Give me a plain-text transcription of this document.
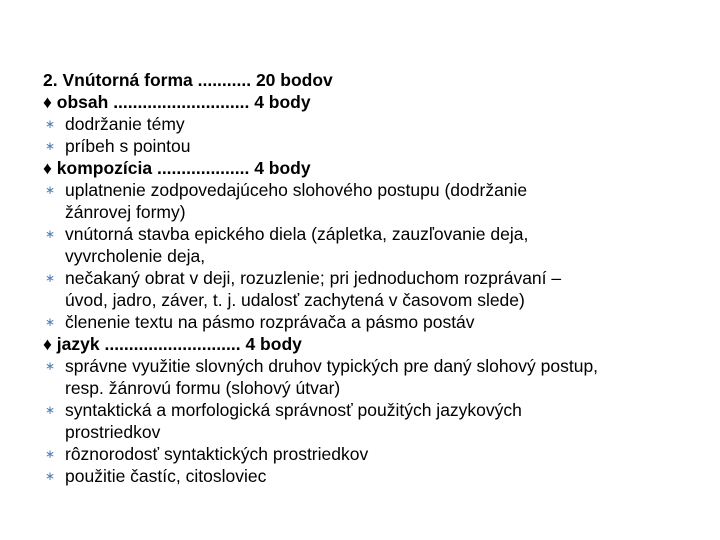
2. Vnútorná forma ........... 20 bodov
♦ obsah ............................ 4 body
∗ dodržanie témy
∗ príbeh s pointou
♦ kompozícia ................... 4 body
∗ uplatnenie zodpovedajúceho slohového postupu (dodržanie
žánrovej formy)
∗ vnútorná stavba epického diela (zápletka, zauzľovanie deja,
vyvrcholenie deja,
∗ nečakaný obrat v deji, rozuzlenie; pri jednoduchom rozprávaní –
úvod, jadro, záver, t. j. udalosť zachytená v časovom slede)
∗ členenie textu na pásmo rozprávača a pásmo postáv
♦ jazyk ............................ 4 body
∗ správne využitie slovných druhov typických pre daný slohový postup,
resp. žánrovú formu (slohový útvar)
∗ syntaktická a morfologická správnosť použitých jazykových
prostriedkov
∗ rôznorodosť syntaktických prostriedkov
∗ použitie častíc, citosloviec
